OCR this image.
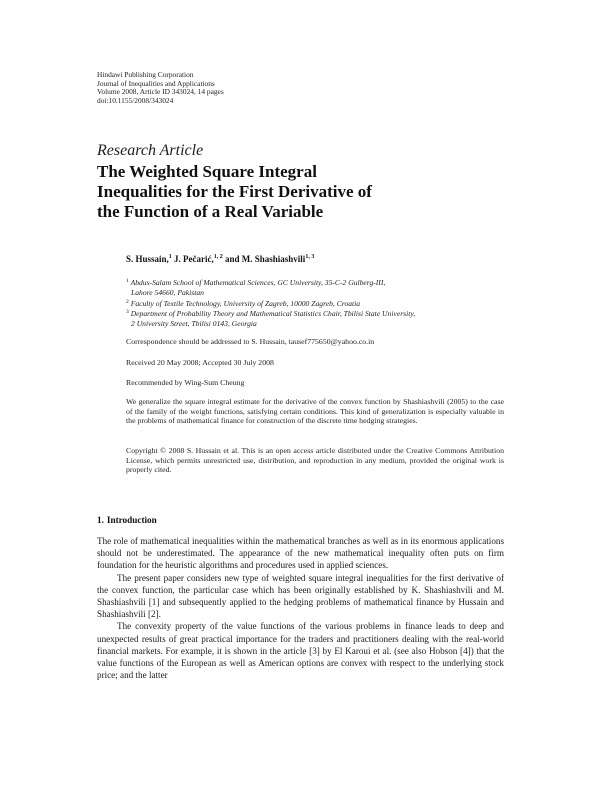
Hindawi Publishing Corporation
Journal of Inequalities and Applications
Volume 2008, Article ID 343024, 14 pages
doi:10.1155/2008/343024
Research Article
The Weighted Square Integral
Inequalities for the First Derivative of
the Function of a Real Variable
S. Hussain,$^1$ J. Pečarić,$^{1, 2}$ and M. Shashiashvili$^{1, 3}$
$^1$ Abdus-Salam School of Mathematical Sciences, GC University, 35-C-2 Gulberg-III,
Lahore 54660, Pakistan
$^2$ Faculty of Textile Technology, University of Zagreb, 10000 Zagreb, Croatia
$^3$ Department of Probability Theory and Mathematical Statistics Chair, Tbilisi State University,
2 University Street, Tbilisi 0143, Georgia
Correspondence should be addressed to S. Hussain, tausef775650@yahoo.co.in
Received 20 May 2008; Accepted 30 July 2008
Recommended by Wing-Sum Cheung
We generalize the square integral estimate for the derivative of the convex function by Shashiashvili (2005) to the case of the family of the weight functions, satisfying certain conditions. This kind of generalization is especially valuable in the problems of mathematical finance for construction of the discrete time hedging strategies.
Copyright © 2008 S. Hussain et al. This is an open access article distributed under the Creative Commons Attribution License, which permits unrestricted use, distribution, and reproduction in any medium, provided the original work is properly cited.
1. Introduction

The role of mathematical inequalities within the mathematical branches as well as in its enormous applications should not be underestimated. The appearance of the new mathematical inequality often puts on firm foundation for the heuristic algorithms and procedures used in applied sciences.

The present paper considers new type of weighted square integral inequalities for the first derivative of the convex function, the particular case which has been originally established by K. Shashiashvili and M. Shashiashvili [1] and subsequently applied to the hedging problems of mathematical finance by Hussain and Shashiashvili [2].

The convexity property of the value functions of the various problems in finance leads to deep and unexpected results of great practical importance for the traders and practitioners dealing with the real-world financial markets. For example, it is shown in the article [3] by El Karoui et al. (see also Hobson [4]) that the value functions of the European as well as American options are convex with respect to the underlying stock price; and the latter
